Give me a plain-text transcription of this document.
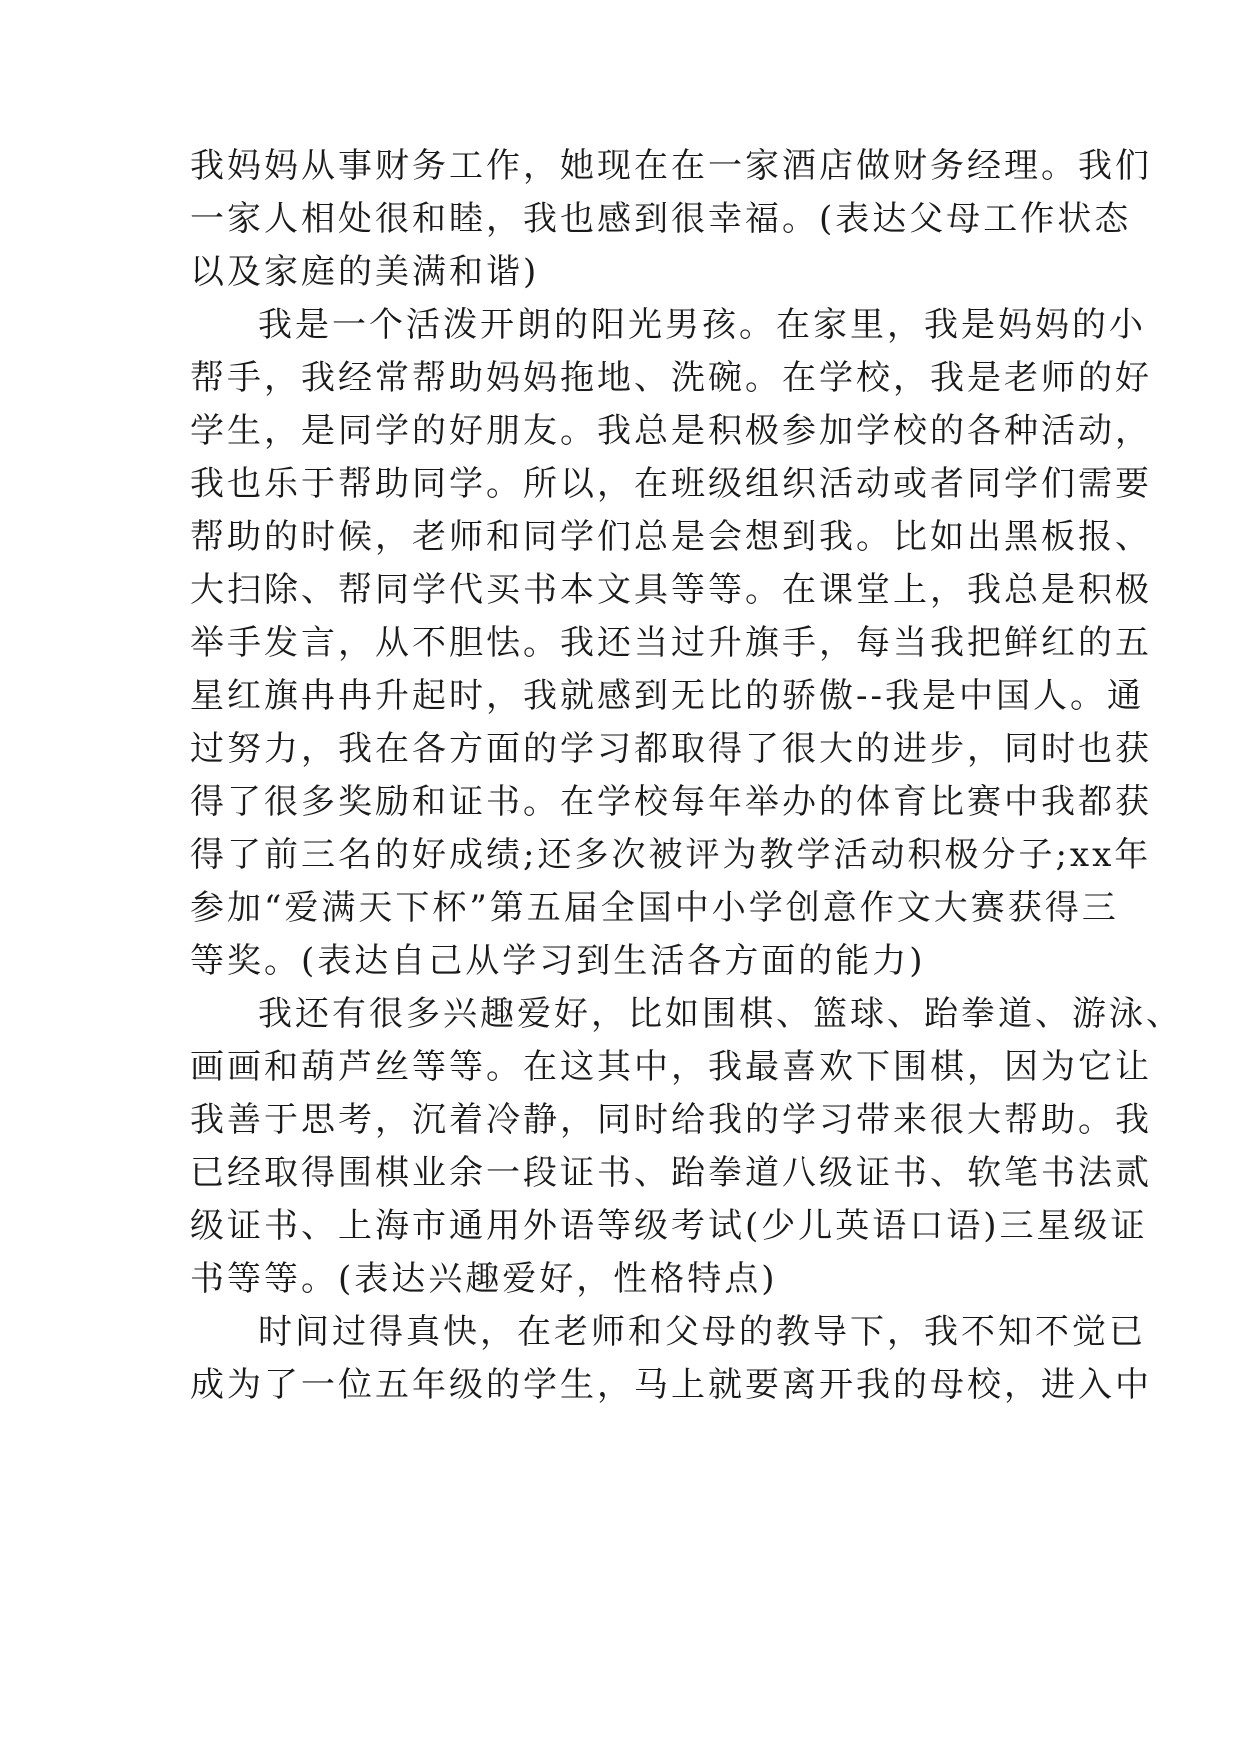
我妈妈从事财务工作，她现在在一家酒店做财务经理。我们
一家人相处很和睦，我也感到很幸福。(表达父母工作状态
以及家庭的美满和谐)
我是一个活泼开朗的阳光男孩。在家里，我是妈妈的小
帮手，我经常帮助妈妈拖地、洗碗。在学校，我是老师的好
学生，是同学的好朋友。我总是积极参加学校的各种活动，
我也乐于帮助同学。所以，在班级组织活动或者同学们需要
帮助的时候，老师和同学们总是会想到我。比如出黑板报、
大扫除、帮同学代买书本文具等等。在课堂上，我总是积极
举手发言，从不胆怯。我还当过升旗手，每当我把鲜红的五
星红旗冉冉升起时，我就感到无比的骄傲--我是中国人。通
过努力，我在各方面的学习都取得了很大的进步，同时也获
得了很多奖励和证书。在学校每年举办的体育比赛中我都获
得了前三名的好成绩;还多次被评为教学活动积极分子;xx年
参加“爱满天下杯”第五届全国中小学创意作文大赛获得三
等奖。(表达自己从学习到生活各方面的能力)
我还有很多兴趣爱好，比如围棋、篮球、跆拳道、游泳、
画画和葫芦丝等等。在这其中，我最喜欢下围棋，因为它让
我善于思考，沉着冷静，同时给我的学习带来很大帮助。我
已经取得围棋业余一段证书、跆拳道八级证书、软笔书法贰
级证书、上海市通用外语等级考试(少儿英语口语)三星级证
书等等。(表达兴趣爱好，性格特点)
时间过得真快，在老师和父母的教导下，我不知不觉已
成为了一位五年级的学生，马上就要离开我的母校，进入中
